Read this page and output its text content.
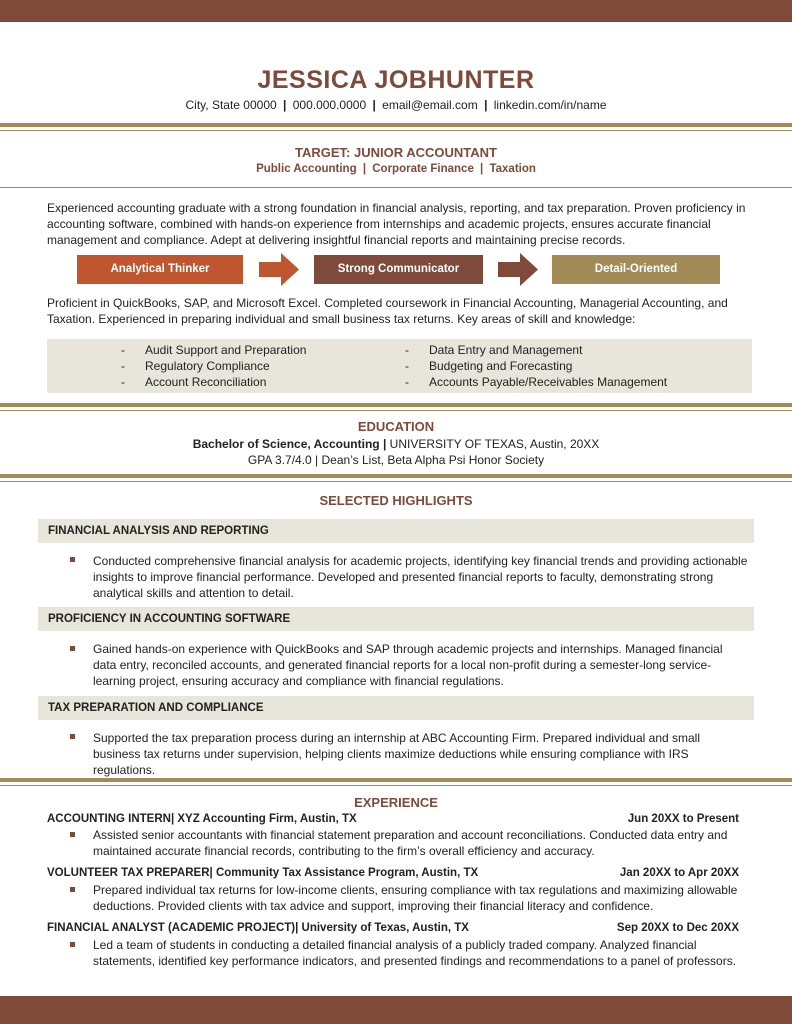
JESSICA JOBHUNTER
City, State 00000 | 000.000.0000 | email@email.com | linkedin.com/in/name
TARGET: JUNIOR ACCOUNTANT
Public Accounting | Corporate Finance | Taxation
Experienced accounting graduate with a strong foundation in financial analysis, reporting, and tax preparation. Proven proficiency in accounting software, combined with hands-on experience from internships and academic projects, ensures accurate financial management and compliance. Adept at delivering insightful financial reports and maintaining precise records.
Analytical Thinker	Strong Communicator	Detail-Oriented
Proficient in QuickBooks, SAP, and Microsoft Excel. Completed coursework in Financial Accounting, Managerial Accounting, and Taxation. Experienced in preparing individual and small business tax returns. Key areas of skill and knowledge:
- Audit Support and Preparation
- Regulatory Compliance
- Account Reconciliation
- Data Entry and Management
- Budgeting and Forecasting
- Accounts Payable/Receivables Management
EDUCATION
Bachelor of Science, Accounting | UNIVERSITY OF TEXAS, Austin, 20XX
GPA 3.7/4.0 | Dean’s List, Beta Alpha Psi Honor Society
SELECTED HIGHLIGHTS
FINANCIAL ANALYSIS AND REPORTING
Conducted comprehensive financial analysis for academic projects, identifying key financial trends and providing actionable insights to improve financial performance. Developed and presented financial reports to faculty, demonstrating strong analytical skills and attention to detail.
PROFICIENCY IN ACCOUNTING SOFTWARE
Gained hands-on experience with QuickBooks and SAP through academic projects and internships. Managed financial data entry, reconciled accounts, and generated financial reports for a local non-profit during a semester-long service-learning project, ensuring accuracy and compliance with financial regulations.
TAX PREPARATION AND COMPLIANCE
Supported the tax preparation process during an internship at ABC Accounting Firm. Prepared individual and small business tax returns under supervision, helping clients maximize deductions while ensuring compliance with IRS regulations.
EXPERIENCE
ACCOUNTING INTERN| XYZ Accounting Firm, Austin, TX	Jun 20XX to Present
Assisted senior accountants with financial statement preparation and account reconciliations. Conducted data entry and maintained accurate financial records, contributing to the firm’s overall efficiency and accuracy.
VOLUNTEER TAX PREPARER| Community Tax Assistance Program, Austin, TX	Jan 20XX to Apr 20XX
Prepared individual tax returns for low-income clients, ensuring compliance with tax regulations and maximizing allowable deductions. Provided clients with tax advice and support, improving their financial literacy and confidence.
FINANCIAL ANALYST (ACADEMIC PROJECT)| University of Texas, Austin, TX	Sep 20XX to Dec 20XX
Led a team of students in conducting a detailed financial analysis of a publicly traded company. Analyzed financial statements, identified key performance indicators, and presented findings and recommendations to a panel of professors.
